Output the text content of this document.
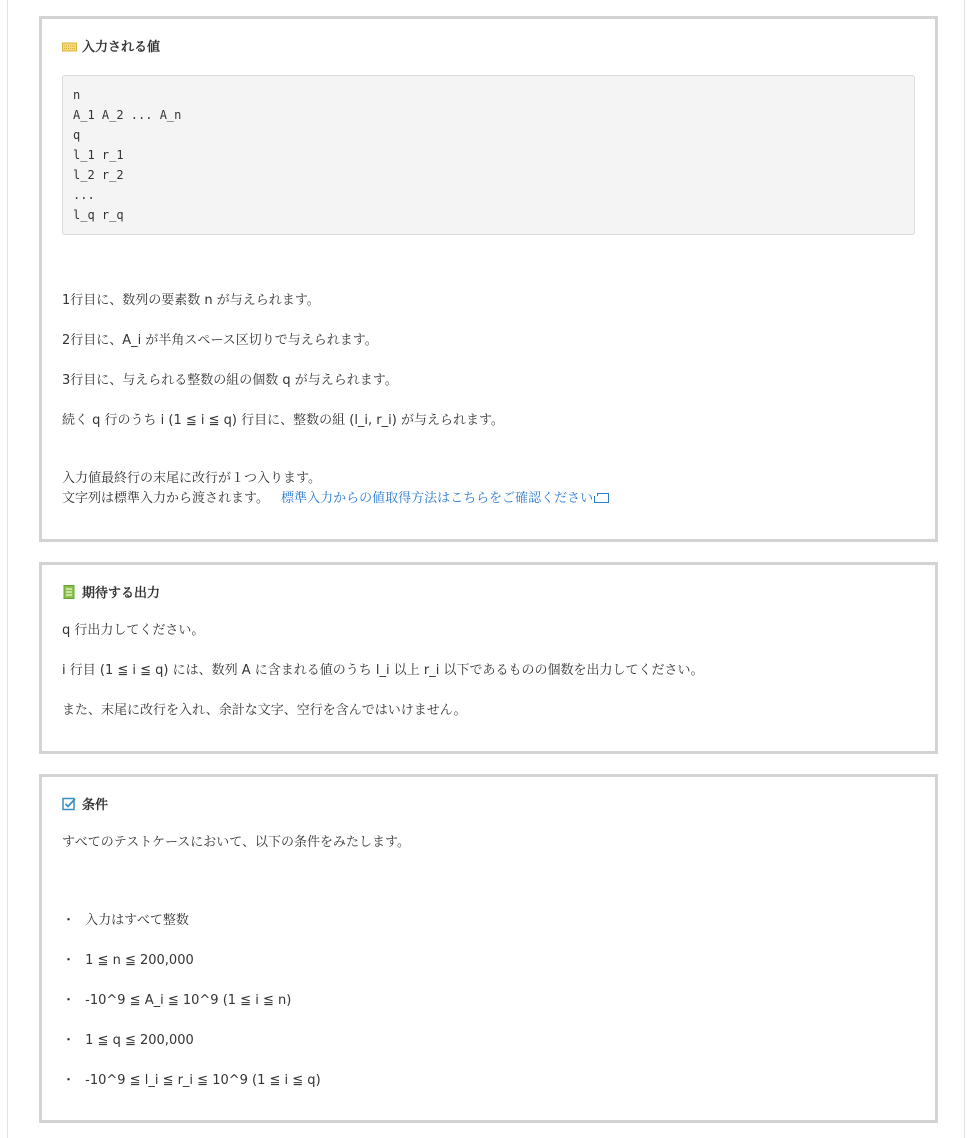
入力される値
n
A_1 A_2 ... A_n
q
l_1 r_1
l_2 r_2
...
l_q r_q
1行目に、数列の要素数 n が与えられます。
2行目に、A_i が半角スペース区切りで与えられます。
3行目に、与えられる整数の組の個数 q が与えられます。
続く q 行のうち i (1 ≦ i ≦ q) 行目に、整数の組 (l_i, r_i) が与えられます。
入力値最終行の末尾に改行が１つ入ります。
文字列は標準入力から渡されます。 標準入力からの値取得方法はこちらをご確認ください
期待する出力
q 行出力してください。
i 行目 (1 ≦ i ≦ q) には、数列 A に含まれる値のうち l_i 以上 r_i 以下であるものの個数を出力してください。
また、末尾に改行を入れ、余計な文字、空行を含んではいけません。
条件
すべてのテストケースにおいて、以下の条件をみたします。
・ 入力はすべて整数
・ 1 ≦ n ≦ 200,000
・ -10^9 ≦ A_i ≦ 10^9 (1 ≦ i ≦ n)
・ 1 ≦ q ≦ 200,000
・ -10^9 ≦ l_i ≦ r_i ≦ 10^9 (1 ≦ i ≦ q)
